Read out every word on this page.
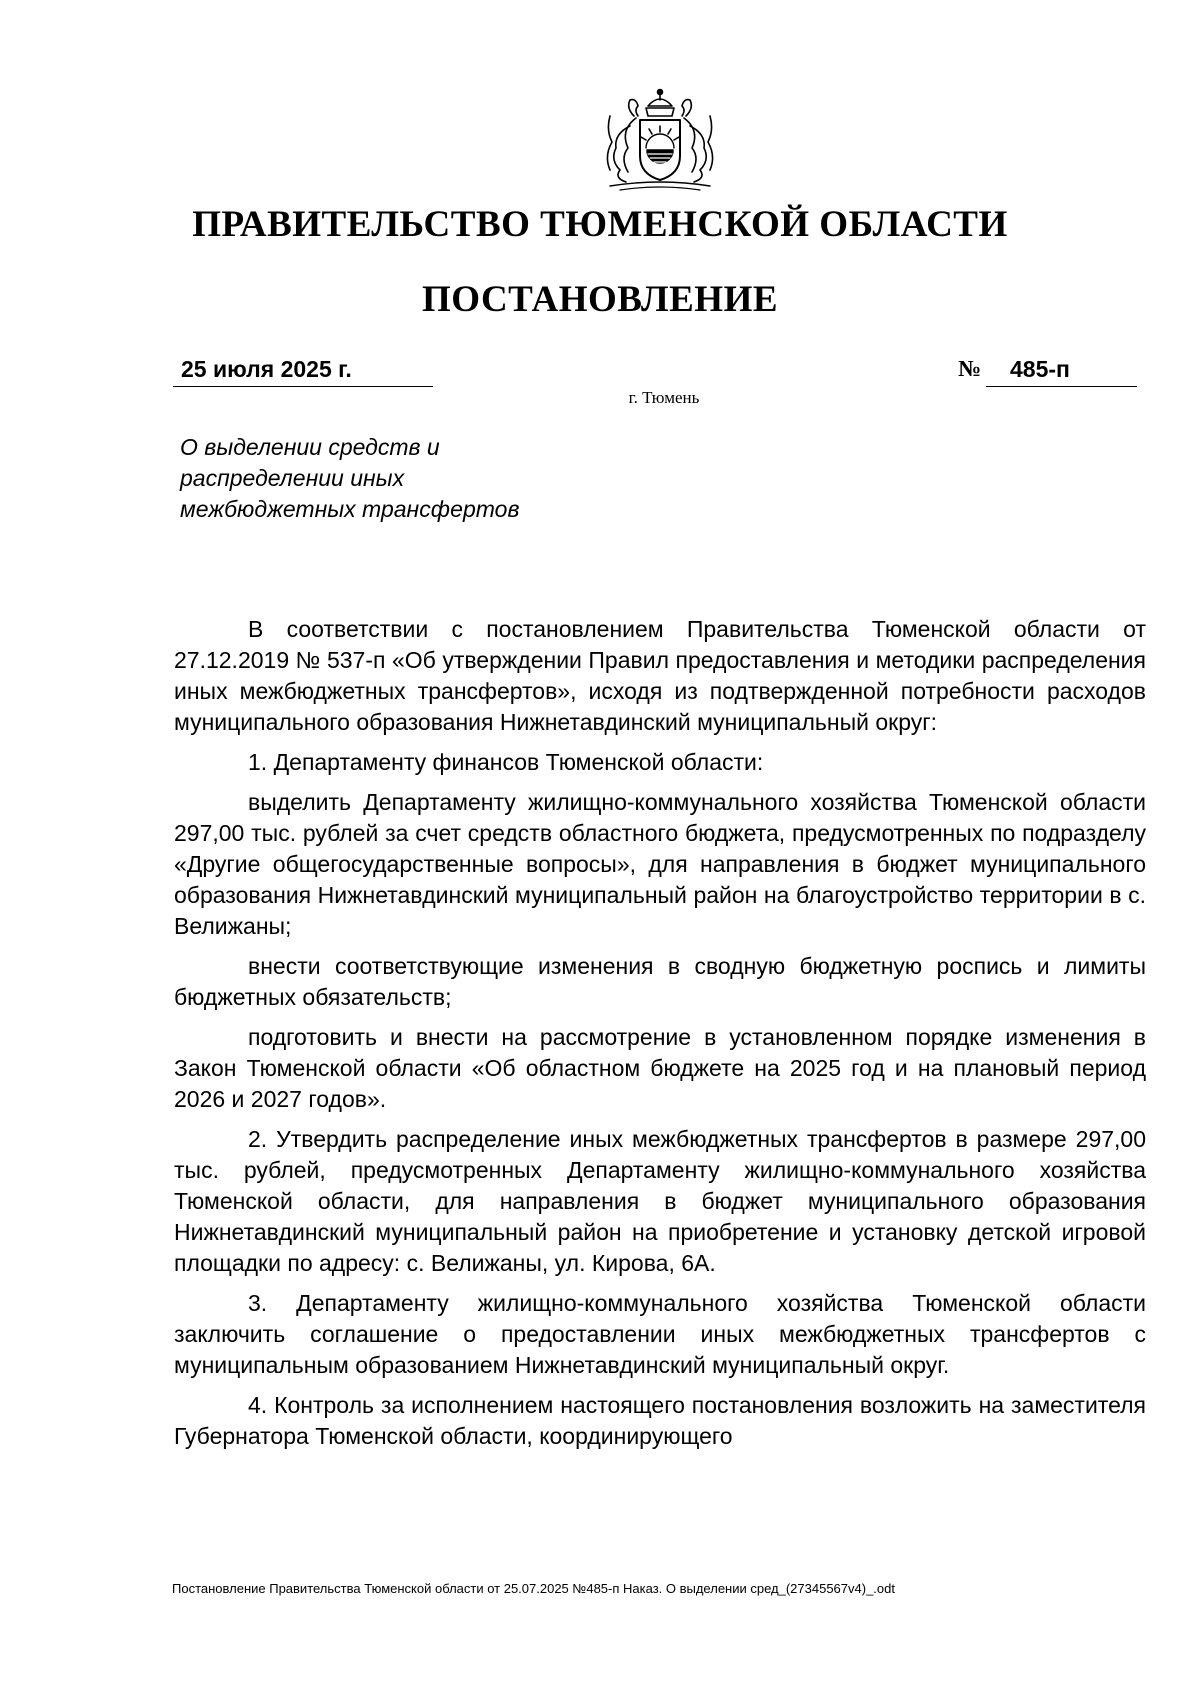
ПРАВИТЕЛЬСТВО ТЮМЕНСКОЙ ОБЛАСТИ
ПОСТАНОВЛЕНИЕ
25 июля 2025 г.	№ 485-п
г. Тюмень
О выделении средств и
распределении иных
межбюджетных трансфертов

В соответствии с постановлением Правительства Тюменской области от 27.12.2019 № 537-п «Об утверждении Правил предоставления и методики распределения иных межбюджетных трансфертов», исходя из подтвержденной потребности расходов муниципального образования Нижнетавдинский муниципальный округ:

1. Департаменту финансов Тюменской области:

выделить Департаменту жилищно-коммунального хозяйства Тюменской области 297,00 тыс. рублей за счет средств областного бюджета, предусмотренных по подразделу «Другие общегосударственные вопросы», для направления в бюджет муниципального образования Нижнетавдинский муниципальный район на благоустройство территории в с. Велижаны;

внести соответствующие изменения в сводную бюджетную роспись и лимиты бюджетных обязательств;

подготовить и внести на рассмотрение в установленном порядке изменения в Закон Тюменской области «Об областном бюджете на 2025 год и на плановый период 2026 и 2027 годов».

2. Утвердить распределение иных межбюджетных трансфертов в размере 297,00 тыс. рублей, предусмотренных Департаменту жилищно-коммунального хозяйства Тюменской области, для направления в бюджет муниципального образования Нижнетавдинский муниципальный район на приобретение и установку детской игровой площадки по адресу: с. Велижаны, ул. Кирова, 6А.

3. Департаменту жилищно-коммунального хозяйства Тюменской области заключить соглашение о предоставлении иных межбюджетных трансфертов с муниципальным образованием Нижнетавдинский муниципальный округ.

4. Контроль за исполнением настоящего постановления возложить на заместителя Губернатора Тюменской области, координирующего

Постановление Правительства Тюменской области от 25.07.2025 №485-п Наказ. О выделении сред_(27345567v4)_.odt
